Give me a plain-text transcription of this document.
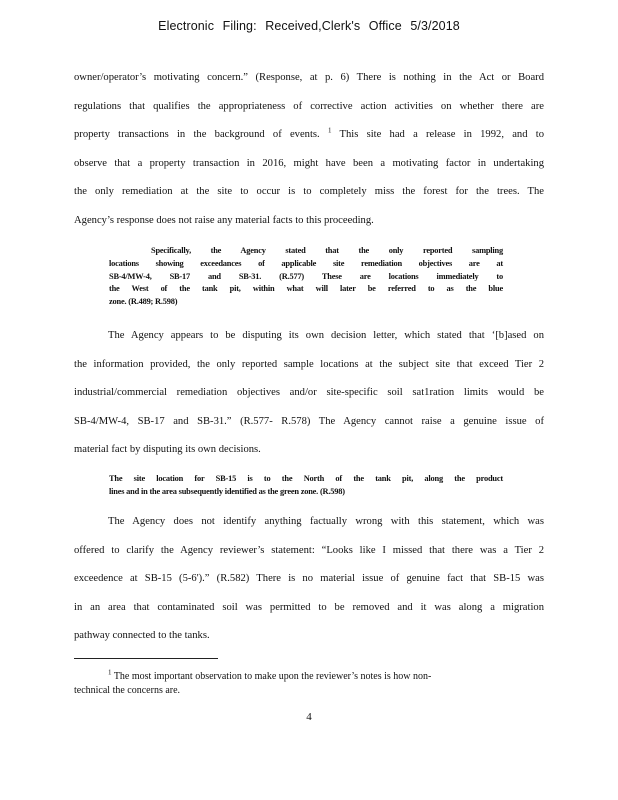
Electronic Filing: Received,Clerk's Office 5/3/2018
owner/operator’s motivating concern.” (Response, at p. 6) There is nothing in the Act or Board
regulations that qualifies the appropriateness of corrective action activities on whether there are
property transactions in the background of events. $^1$ This site had a release in 1992, and to
observe that a property transaction in 2016, might have been a motivating factor in undertaking
the only remediation at the site to occur is to completely miss the forest for the trees. The
Agency’s response does not raise any material facts to this proceeding.
Specifically, the Agency stated that the only reported sampling
locations showing exceedances of applicable site remediation objectives are at
SB-4/MW-4, SB-17 and SB-31. (R.577) These are locations immediately to
the West of the tank pit, within what will later be referred to as the blue
zone. (R.489; R.598)
The Agency appears to be disputing its own decision letter, which stated that ‘[b]ased on
the information provided, the only reported sample locations at the subject site that exceed Tier 2
industrial/commercial remediation objectives and/or site-specific soil sat1ration limits would be
SB-4/MW-4, SB-17 and SB-31.” (R.577- R.578) The Agency cannot raise a genuine issue of
material fact by disputing its own decisions.
The site location for SB-15 is to the North of the tank pit, along the product
lines and in the area subsequently identified as the green zone. (R.598)
The Agency does not identify anything factually wrong with this statement, which was
offered to clarify the Agency reviewer’s statement: “Looks like I missed that there was a Tier 2
exceedence at SB-15 (5-6').” (R.582) There is no material issue of genuine fact that SB-15 was
in an area that contaminated soil was permitted to be removed and it was along a migration
pathway connected to the tanks.
$^1$ The most important observation to make upon the reviewer’s notes is how non-
technical the concerns are.
4
